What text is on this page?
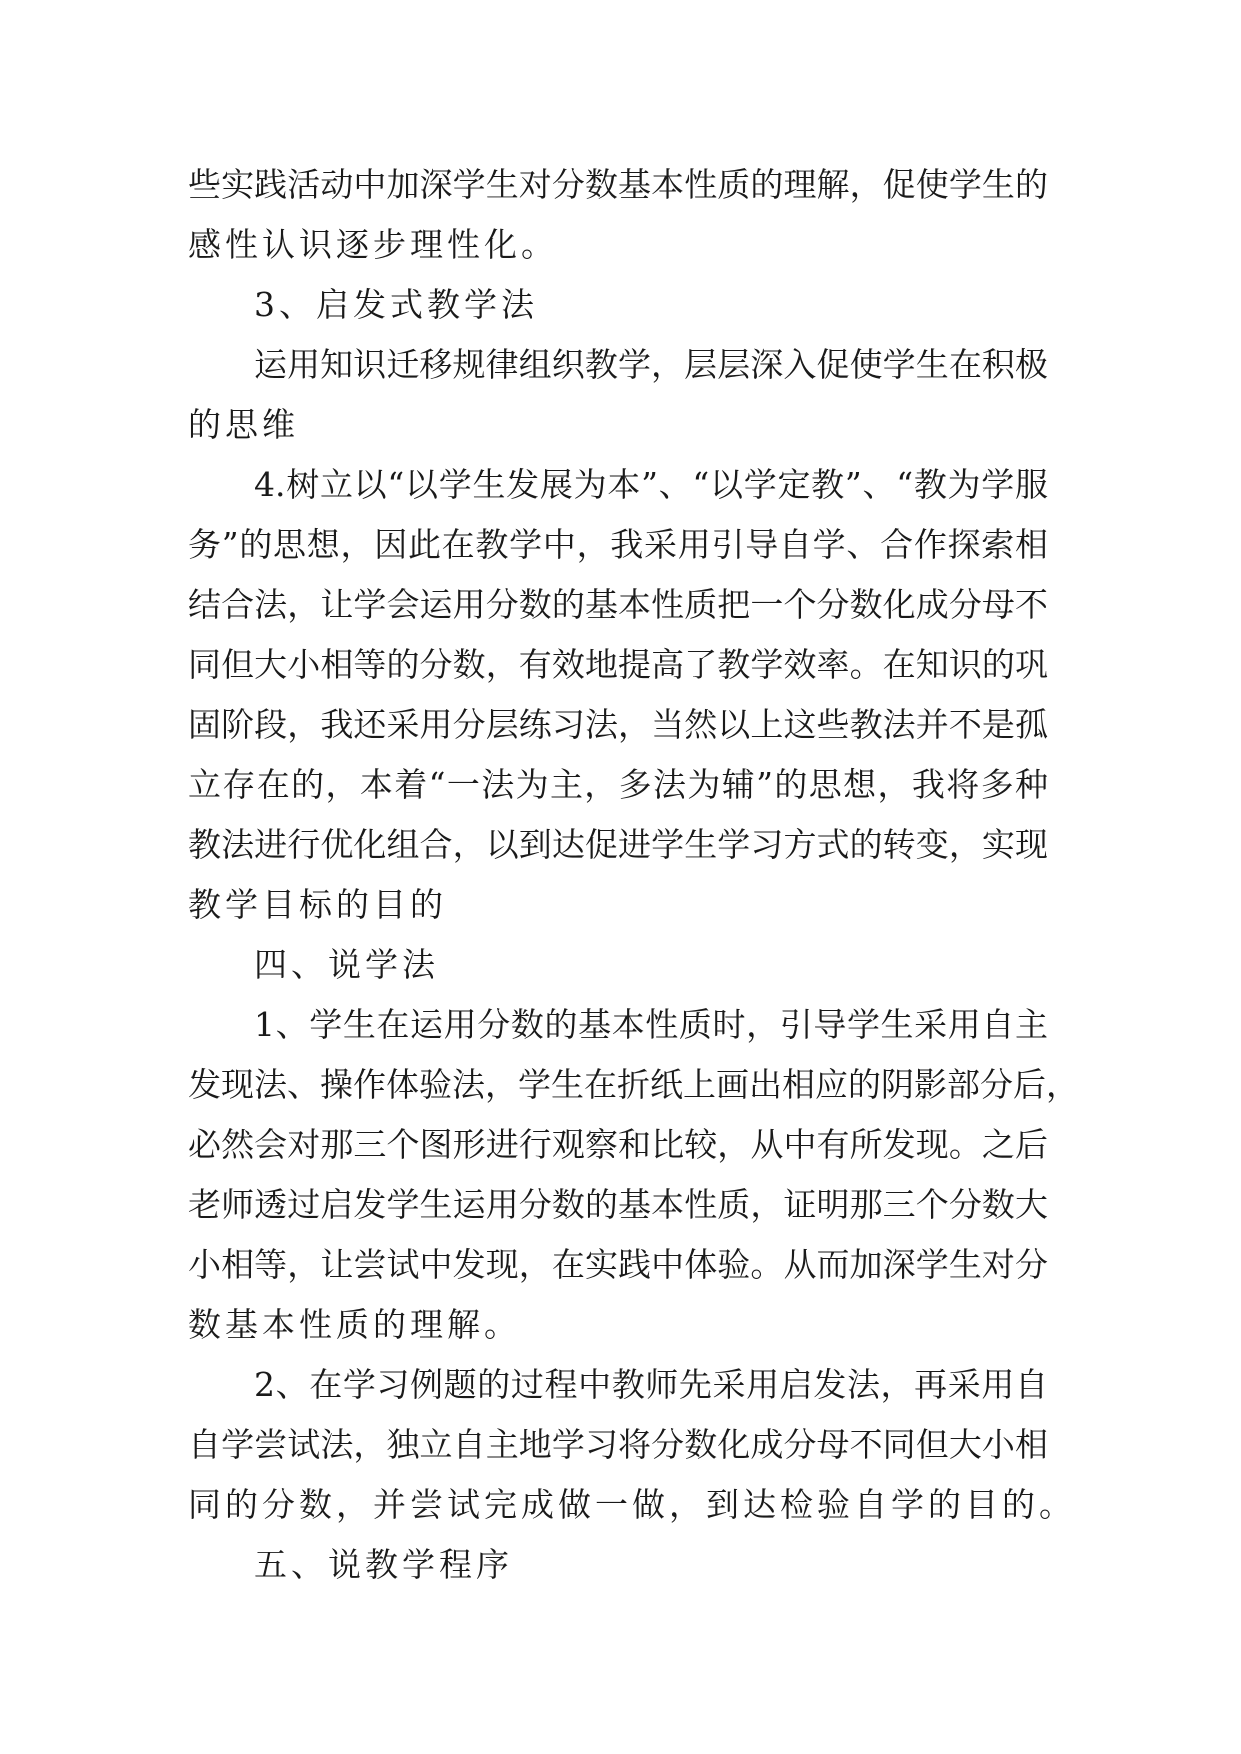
些实践活动中加深学生对分数基本性质的理解，促使学生的
感性认识逐步理性化。
3、启发式教学法
运用知识迁移规律组织教学，层层深入促使学生在积极
的思维
4.树立以“以学生发展为本”、“以学定教”、“教为学服
务”的思想，因此在教学中，我采用引导自学、合作探索相
结合法，让学会运用分数的基本性质把一个分数化成分母不
同但大小相等的分数，有效地提高了教学效率。在知识的巩
固阶段，我还采用分层练习法，当然以上这些教法并不是孤
立存在的，本着“一法为主，多法为辅”的思想，我将多种
教法进行优化组合，以到达促进学生学习方式的转变，实现
教学目标的目的
四、说学法
1、学生在运用分数的基本性质时，引导学生采用自主
发现法、操作体验法，学生在折纸上画出相应的阴影部分后，
必然会对那三个图形进行观察和比较，从中有所发现。之后
老师透过启发学生运用分数的基本性质，证明那三个分数大
小相等，让尝试中发现，在实践中体验。从而加深学生对分
数基本性质的理解。
2、在学习例题的过程中教师先采用启发法，再采用自
自学尝试法，独立自主地学习将分数化成分母不同但大小相
同的分数，并尝试完成做一做，到达检验自学的目的。
五、说教学程序
